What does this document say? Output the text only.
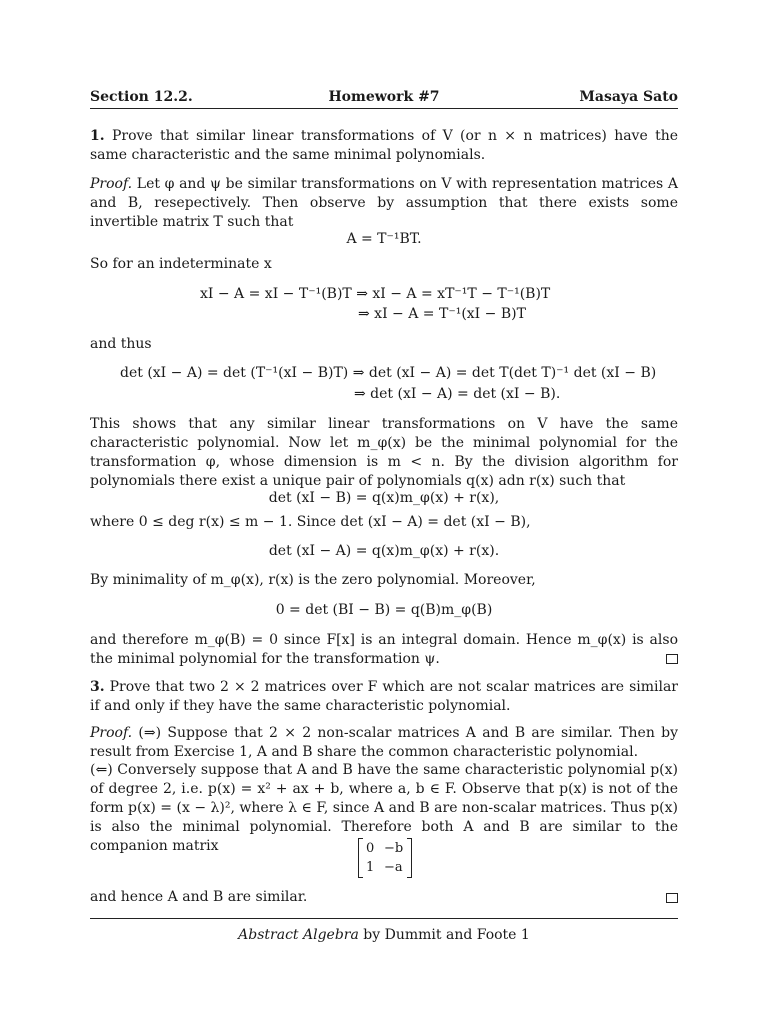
Section 12.2.	Homework #7	Masaya Sato
1. Prove that similar linear transformations of V (or n × n matrices) have the same characteristic and the same minimal polynomials.
Proof. Let φ and ψ be similar transformations on V with representation matrices A and B, resepectively. Then observe by assumption that there exists some invertible matrix T such that
A = T⁻¹BT.
So for an indeterminate x
xI − A = xI − T⁻¹(B)T ⇒ xI − A = xT⁻¹T − T⁻¹(B)T
⇒ xI − A = T⁻¹(xI − B)T
and thus
det (xI − A) = det (T⁻¹(xI − B)T) ⇒ det (xI − A) = det T(det T)⁻¹ det (xI − B)
⇒ det (xI − A) = det (xI − B).
This shows that any similar linear transformations on V have the same characteristic polynomial. Now let m_φ(x) be the minimal polynomial for the transformation φ, whose dimension is m < n. By the division algorithm for polynomials there exist a unique pair of polynomials q(x) adn r(x) such that
det (xI − B) = q(x)m_φ(x) + r(x),
where 0 ≤ deg r(x) ≤ m − 1. Since det (xI − A) = det (xI − B),
det (xI − A) = q(x)m_φ(x) + r(x).
By minimality of m_φ(x), r(x) is the zero polynomial. Moreover,
0 = det (BI − B) = q(B)m_φ(B)
and therefore m_φ(B) = 0 since F[x] is an integral domain. Hence m_φ(x) is also the minimal polynomial for the transformation ψ.
3. Prove that two 2 × 2 matrices over F which are not scalar matrices are similar if and only if they have the same characteristic polynomial.
Proof. (⇒) Suppose that 2 × 2 non-scalar matrices A and B are similar. Then by result from Exercise 1, A and B share the common characteristic polynomial.
(⇐) Conversely suppose that A and B have the same characteristic polynomial p(x) of degree 2, i.e. p(x) = x² + ax + b, where a, b ∈ F. Observe that p(x) is not of the form p(x) = (x − λ)², where λ ∈ F, since A and B are non-scalar matrices. Thus p(x) is also the minimal polynomial. Therefore both A and B are similar to the companion matrix	0 −b
1 −a
and hence A and B are similar.
Abstract Algebra by Dummit and Foote 1
